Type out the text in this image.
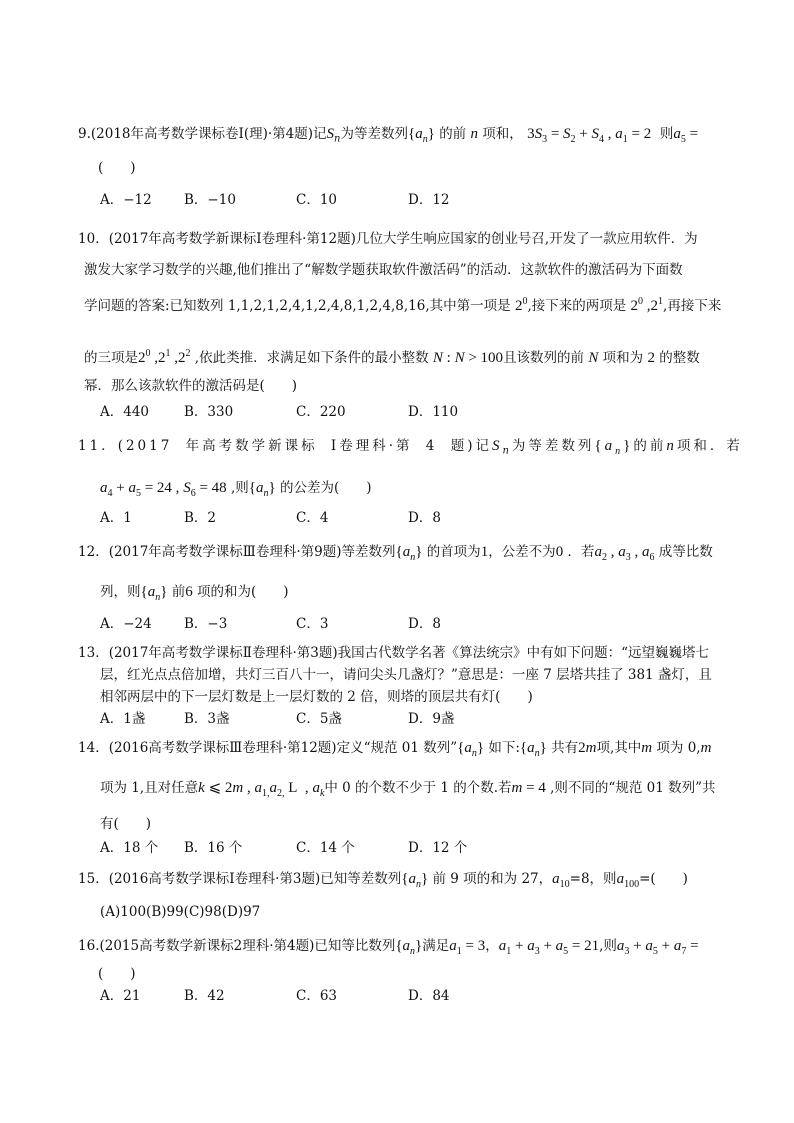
9.(2018年高考数学课标卷Ⅰ(理)·第4题)记$S_n$为等差数列$\{a_n\}$ 的前 n 项和， $3S_3 = S_2 + S_4$ , $a_1 = 2$ 则$a_5$ =
(　　)
A．−12 B．−10	C．10	D．12
10．(2017年高考数学新课标Ⅰ卷理科·第12题)几位大学生响应国家的创业号召,开发了一款应用软件．为
激发大家学习数学的兴趣,他们推出了“解数学题获取软件激活码”的活动．这款软件的激活码为下面数
学问题的答案:已知数列 1,1,2,1,2,4,1,2,4,8,1,2,4,8,16,其中第一项是 $2^0$,接下来的两项是 $2^0$ $,2^1$,再接下来
的三项是$2^0$ $,2^1$ $,2^2$ ,依此类推．求满足如下条件的最小整数 N : N > 100且该数列的前 N 项和为 2 的整数
幂．那么该款软件的激活码是(　　)
A．440	B．330	C．220	D．110
11．(2017 年高考数学新课标 Ⅰ卷理科·第 4 题)记$S_n$为等差数列$\{a_n\}$的前n项和．若
$a_4 + a_5 = 24$ , $S_6 = 48$ ,则$\{a_n\}$ 的公差为(　　)
A．1	B．2	C．4	D．8
12．(2017年高考数学课标Ⅲ卷理科·第9题)等差数列$\{a_n\}$ 的首项为1，公差不为0 ．若$a_2$ , $a_3$ , $a_6$ 成等比数
列，则$\{a_n\}$ 前6 项的和为(　　)
A．−24 B．−3	C．3	D．8
13．(2017年高考数学课标Ⅱ卷理科·第3题)我国古代数学名著《算法统宗》中有如下问题：“远望巍巍塔七
层，红光点点倍加增，共灯三百八十一，请问尖头几盏灯？”意思是：一座 7 层塔共挂了 381 盏灯，且
相邻两层中的下一层灯数是上一层灯数的 2 倍，则塔的顶层共有灯(　　)
A．1盏	B．3盏	C．5盏	D．9盏
14．(2016高考数学课标Ⅲ卷理科·第12题)定义“规范 01 数列$”\{a_n\}$ 如下$:\{a_n\}$ 共有2m项,其中m 项为 0,m
项为 1,且对任意k ⩽ 2m , $a_{1,}a_{2,}$ L  , $a_k$中 0 的个数不少于 1 的个数.若m = 4 ,则不同的“规范 01 数列”共
有(　　)
A．18 个 B．16 个	C．14 个	D．12 个
15．(2016高考数学课标Ⅰ卷理科·第3题)已知等差数列$\{a_n\}$ 前 9 项的和为 27，$a_{10}=8$，则$a_{100}=$(　　)
(A)100(B)99(C)98(D)97
16.(2015高考数学新课标2理科·第4题)已知等比数列$\{a_n\}$满足$a_1 = 3$，$a_1 + a_3 + a_5 = 21$,则$a_3 + a_5 + a_7$ =
(　　)
A．21	B．42	C．63	D．84
